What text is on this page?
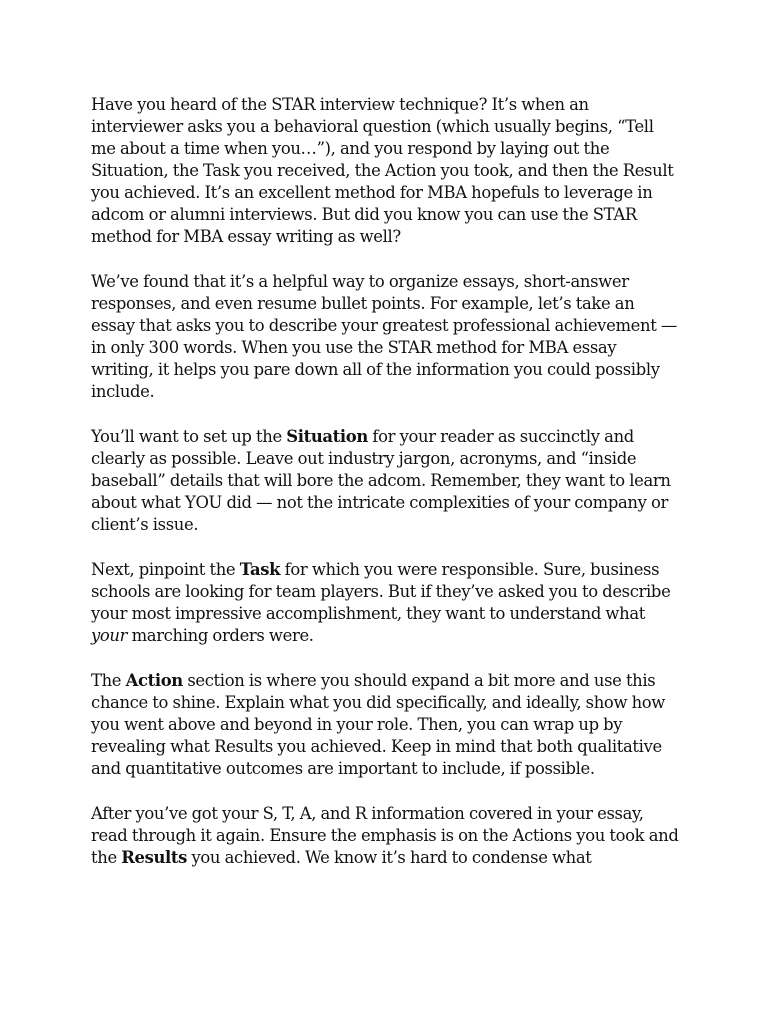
Have you heard of the STAR interview technique? It’s when an interviewer asks you a behavioral question (which usually begins, “Tell me about a time when you…”), and you respond by laying out the Situation, the Task you received, the Action you took, and then the Result you achieved. It’s an excellent method for MBA hopefuls to leverage in adcom or alumni interviews. But did you know you can use the STAR method for MBA essay writing as well?

We’ve found that it’s a helpful way to organize essays, short-answer responses, and even resume bullet points. For example, let’s take an essay that asks you to describe your greatest professional achievement — in only 300 words. When you use the STAR method for MBA essay writing, it helps you pare down all of the information you could possibly include.

You’ll want to set up the Situation for your reader as succinctly and clearly as possible. Leave out industry jargon, acronyms, and “inside baseball” details that will bore the adcom. Remember, they want to learn about what YOU did — not the intricate complexities of your company or client’s issue.

Next, pinpoint the Task for which you were responsible. Sure, business schools are looking for team players. But if they’ve asked you to describe your most impressive accomplishment, they want to understand what your marching orders were.

The Action section is where you should expand a bit more and use this chance to shine. Explain what you did specifically, and ideally, show how you went above and beyond in your role. Then, you can wrap up by revealing what Results you achieved. Keep in mind that both qualitative and quantitative outcomes are important to include, if possible.

After you’ve got your S, T, A, and R information covered in your essay, read through it again. Ensure the emphasis is on the Actions you took and the Results you achieved. We know it’s hard to condense what
